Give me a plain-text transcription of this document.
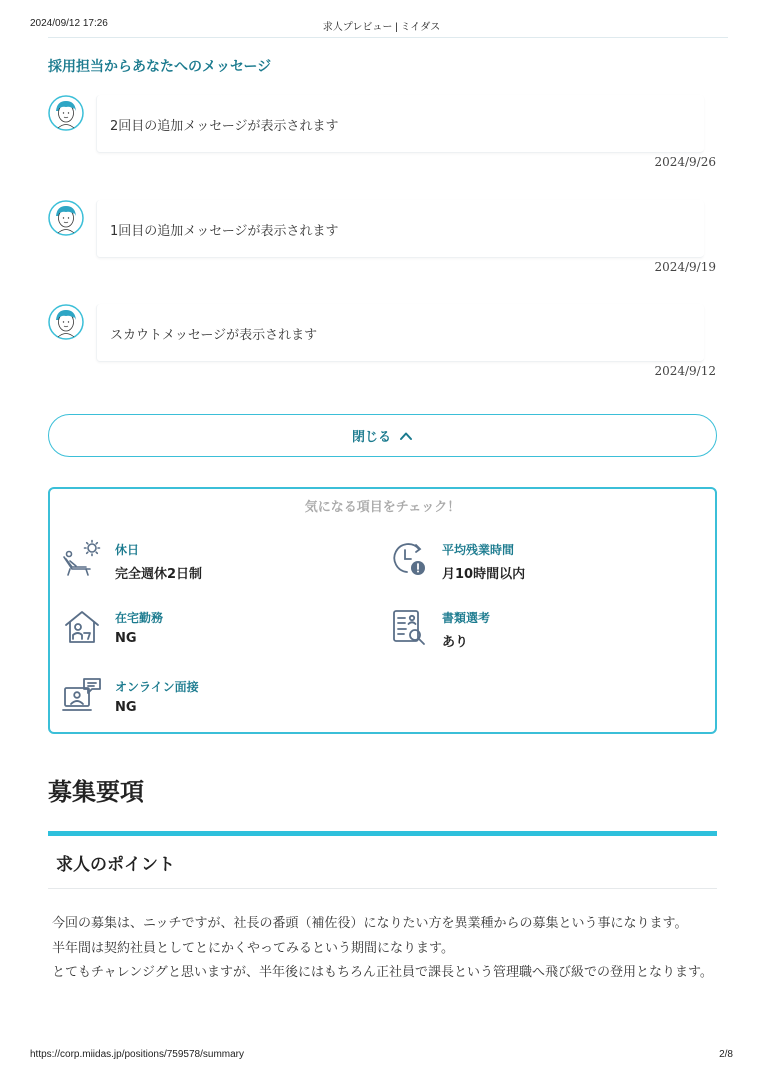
2024/09/12 17:26	求人プレビュー | ミイダス
採用担当からあなたへのメッセージ
2回目の追加メッセージが表示されます
2024/9/26
1回目の追加メッセージが表示されます
2024/9/19
スカウトメッセージが表示されます
2024/9/12
閉じる
気になる項目をチェック！
休日
完全週休2日制
平均残業時間
月10時間以内
在宅勤務
NG
書類選考
あり
オンライン面接
NG
募集要項
求人のポイント

今回の募集は、ニッチですが、社長の番頭（補佐役）になりたい方を異業種からの募集という事になります。

半年間は契約社員としてとにかくやってみるという期間になります。

とてもチャレンジグと思いますが、半年後にはもちろん正社員で課長という管理職へ飛び級での登用となります。

https://corp.miidas.jp/positions/759578/summary	2/8
